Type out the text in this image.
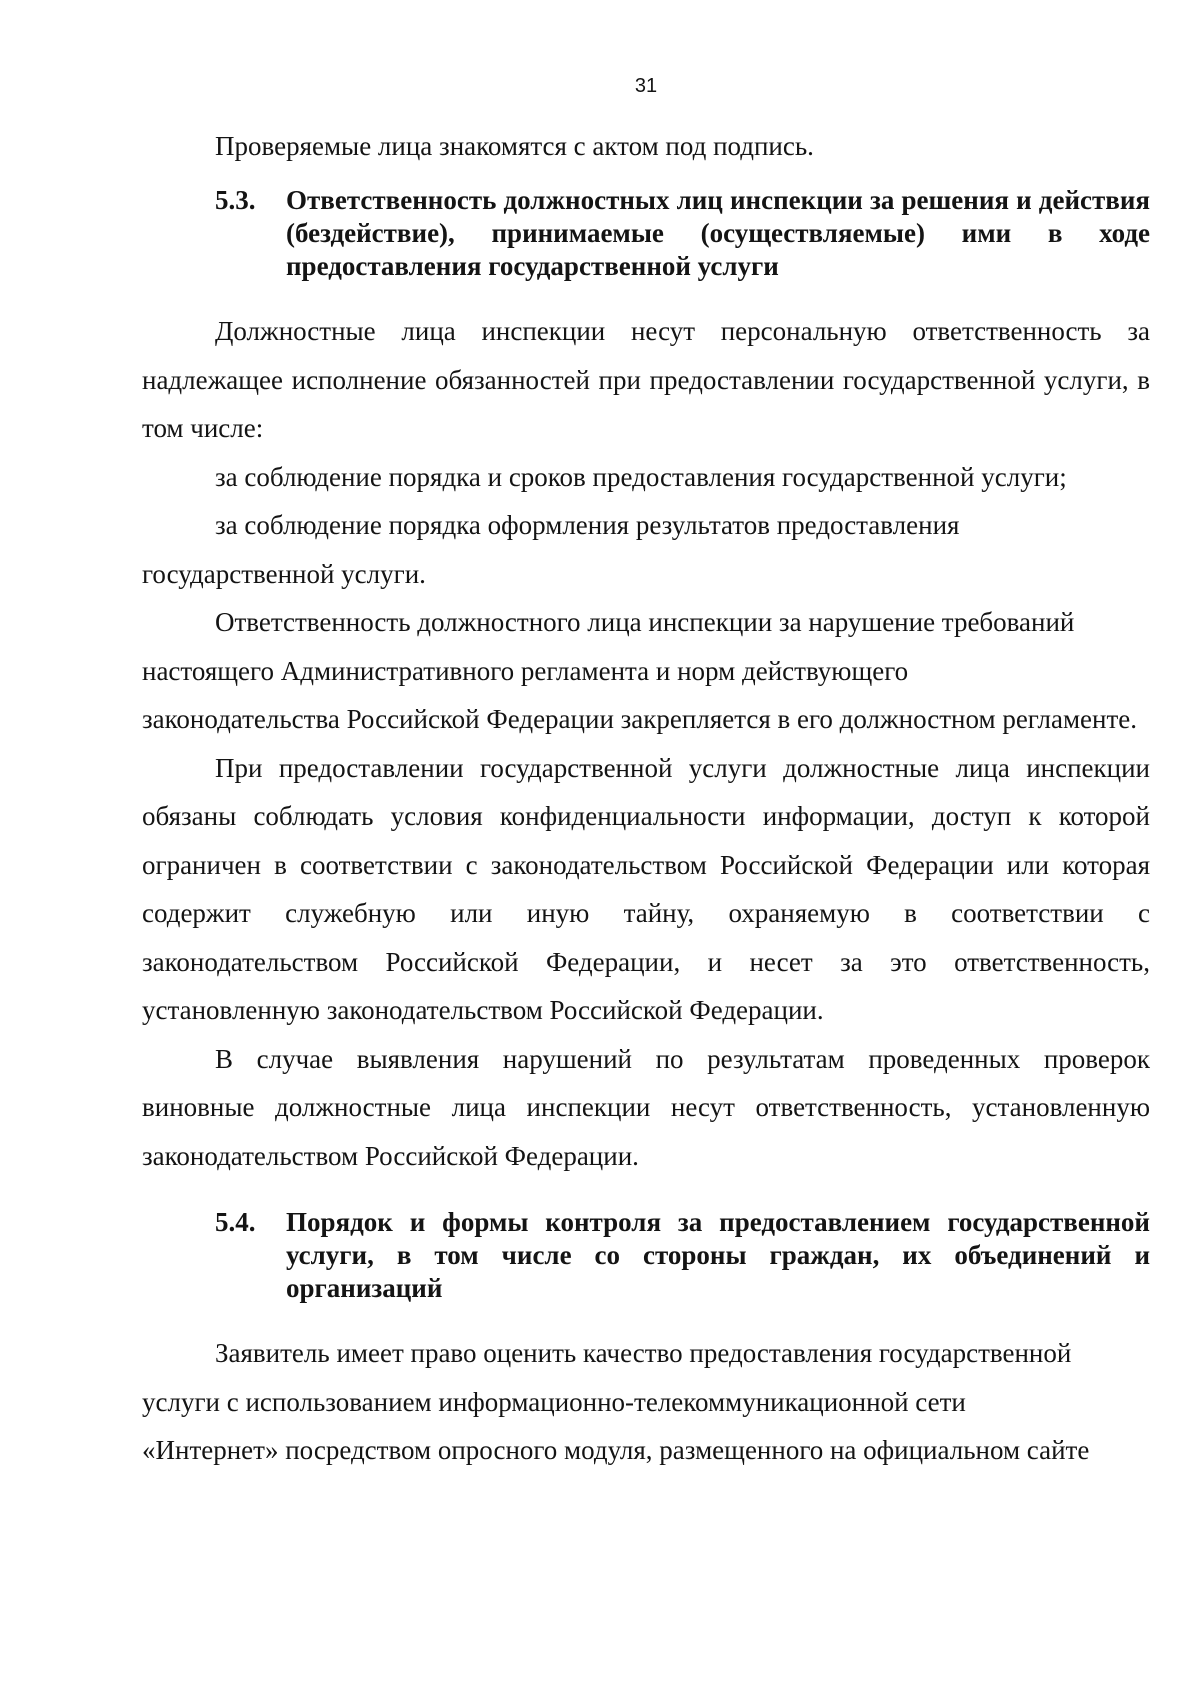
31

Проверяемые лица знакомятся с актом под подпись.

5.3.	Ответственность должностных лиц инспекции за решения и действия (бездействие), принимаемые (осуществляемые) ими в ходе предоставления государственной услуги

Должностные лица инспекции несут персональную ответственность за надлежащее исполнение обязанностей при предоставлении государственной услуги, в том числе:

за соблюдение порядка и сроков предоставления государственной услуги;

за соблюдение порядка оформления результатов предоставления
государственной услуги.

Ответственность должностного лица инспекции за нарушение требований
настоящего Административного регламента и норм действующего
законодательства Российской Федерации закрепляется в его должностном регламенте.

При предоставлении государственной услуги должностные лица инспекции обязаны соблюдать условия конфиденциальности информации, доступ к которой ограничен в соответствии с законодательством Российской Федерации или которая содержит служебную или иную тайну, охраняемую в соответствии с законодательством Российской Федерации, и несет за это ответственность, установленную законодательством Российской Федерации.

В случае выявления нарушений по результатам проведенных проверок виновные должностные лица инспекции несут ответственность, установленную законодательством Российской Федерации.

5.4.	Порядок и формы контроля за предоставлением государственной услуги, в том числе со стороны граждан, их объединений и организаций

Заявитель имеет право оценить качество предоставления государственной
услуги с использованием информационно-телекоммуникационной сети
«Интернет» посредством опросного модуля, размещенного на официальном сайте
